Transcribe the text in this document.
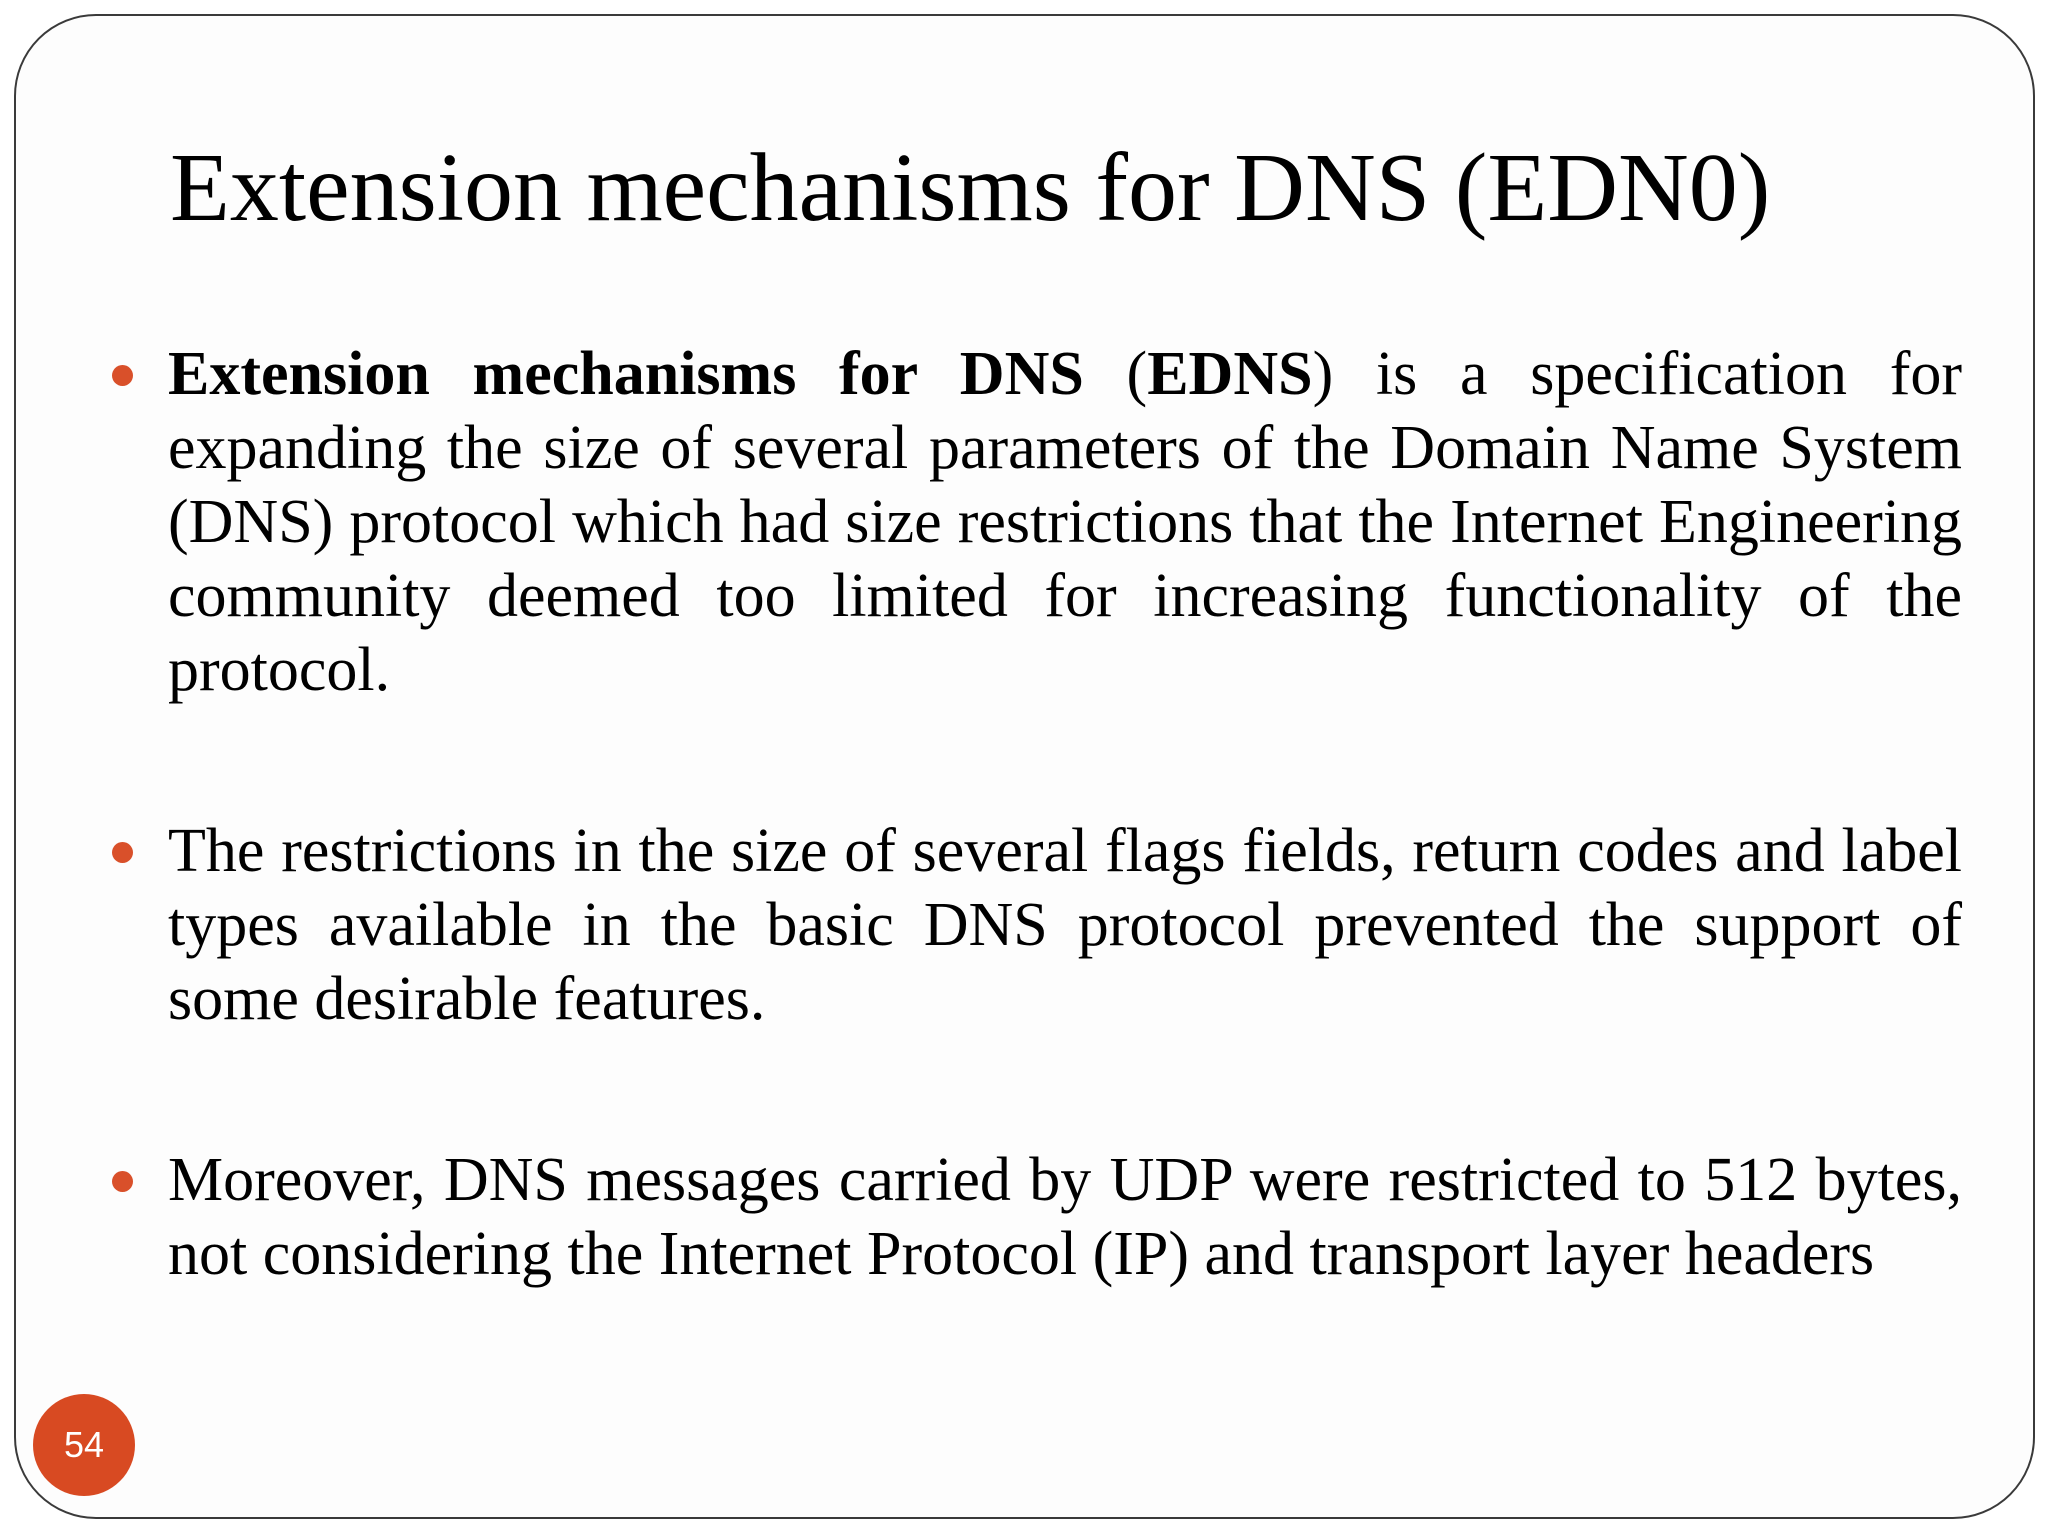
Extension mechanisms for DNS (EDN0)
Extension mechanisms for DNS (EDNS) is a specification for expanding the size of several parameters of the Domain Name System (DNS) protocol which had size restrictions that the Internet Engineering community deemed too limited for increasing functionality of the protocol.
The restrictions in the size of several flags fields, return codes and label types available in the basic DNS protocol prevented the support of some desirable features.
Moreover, DNS messages carried by UDP were restricted to 512 bytes, not considering the Internet Protocol (IP) and transport layer headers
54
